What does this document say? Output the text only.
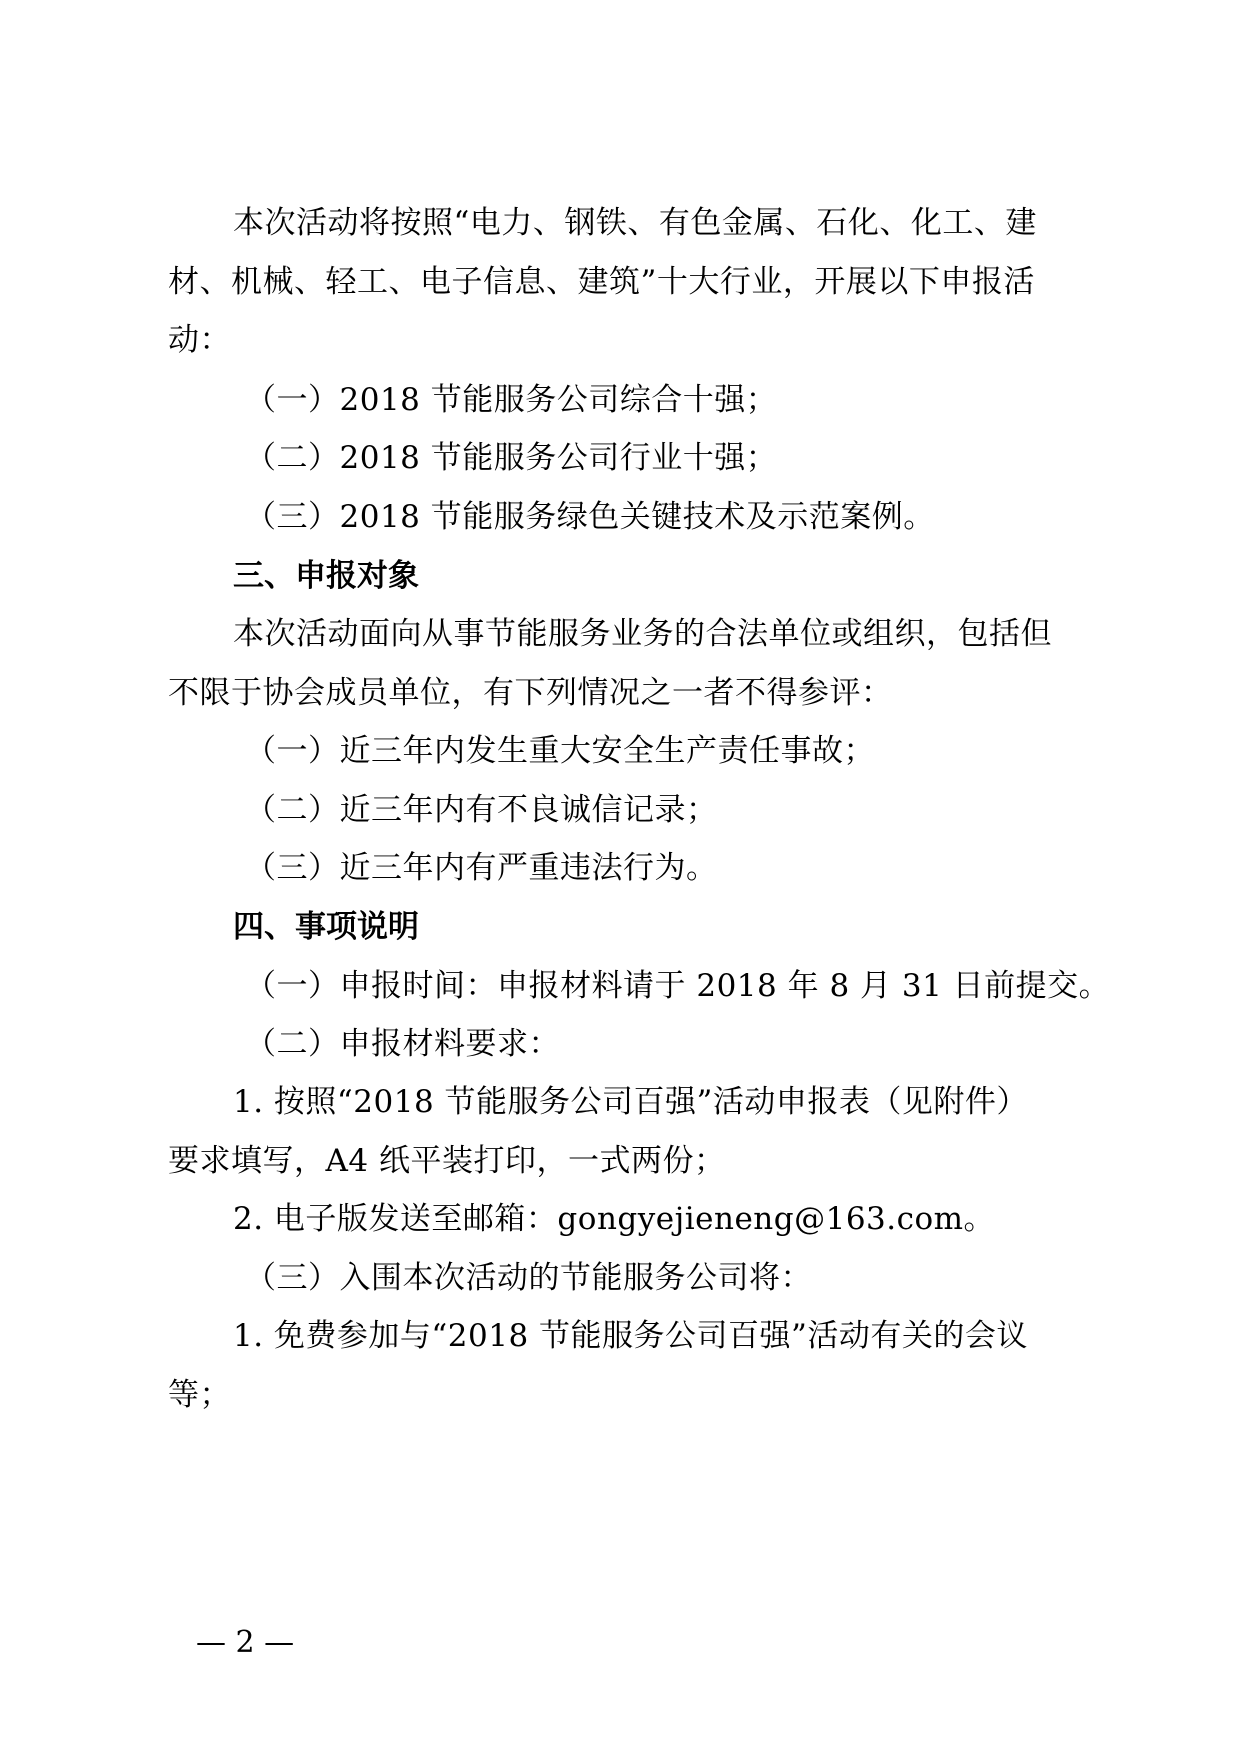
本次活动将按照“电力、钢铁、有色金属、石化、化工、建
材、机械、轻工、电子信息、建筑”十大行业，开展以下申报活
动：
（一）2018 节能服务公司综合十强；
（二）2018 节能服务公司行业十强；
（三）2018 节能服务绿色关键技术及示范案例。
三、申报对象
本次活动面向从事节能服务业务的合法单位或组织，包括但
不限于协会成员单位，有下列情况之一者不得参评：
（一）近三年内发生重大安全生产责任事故；
（二）近三年内有不良诚信记录；
（三）近三年内有严重违法行为。
四、事项说明
（一）申报时间：申报材料请于 2018 年 8 月 31 日前提交。
（二）申报材料要求：
1. 按照“2018 节能服务公司百强”活动申报表（见附件）
要求填写，A4 纸平装打印，一式两份；
2. 电子版发送至邮箱：gongyejieneng@163.com。
（三）入围本次活动的节能服务公司将：
1. 免费参加与“2018 节能服务公司百强”活动有关的会议
等；
— 2 —
